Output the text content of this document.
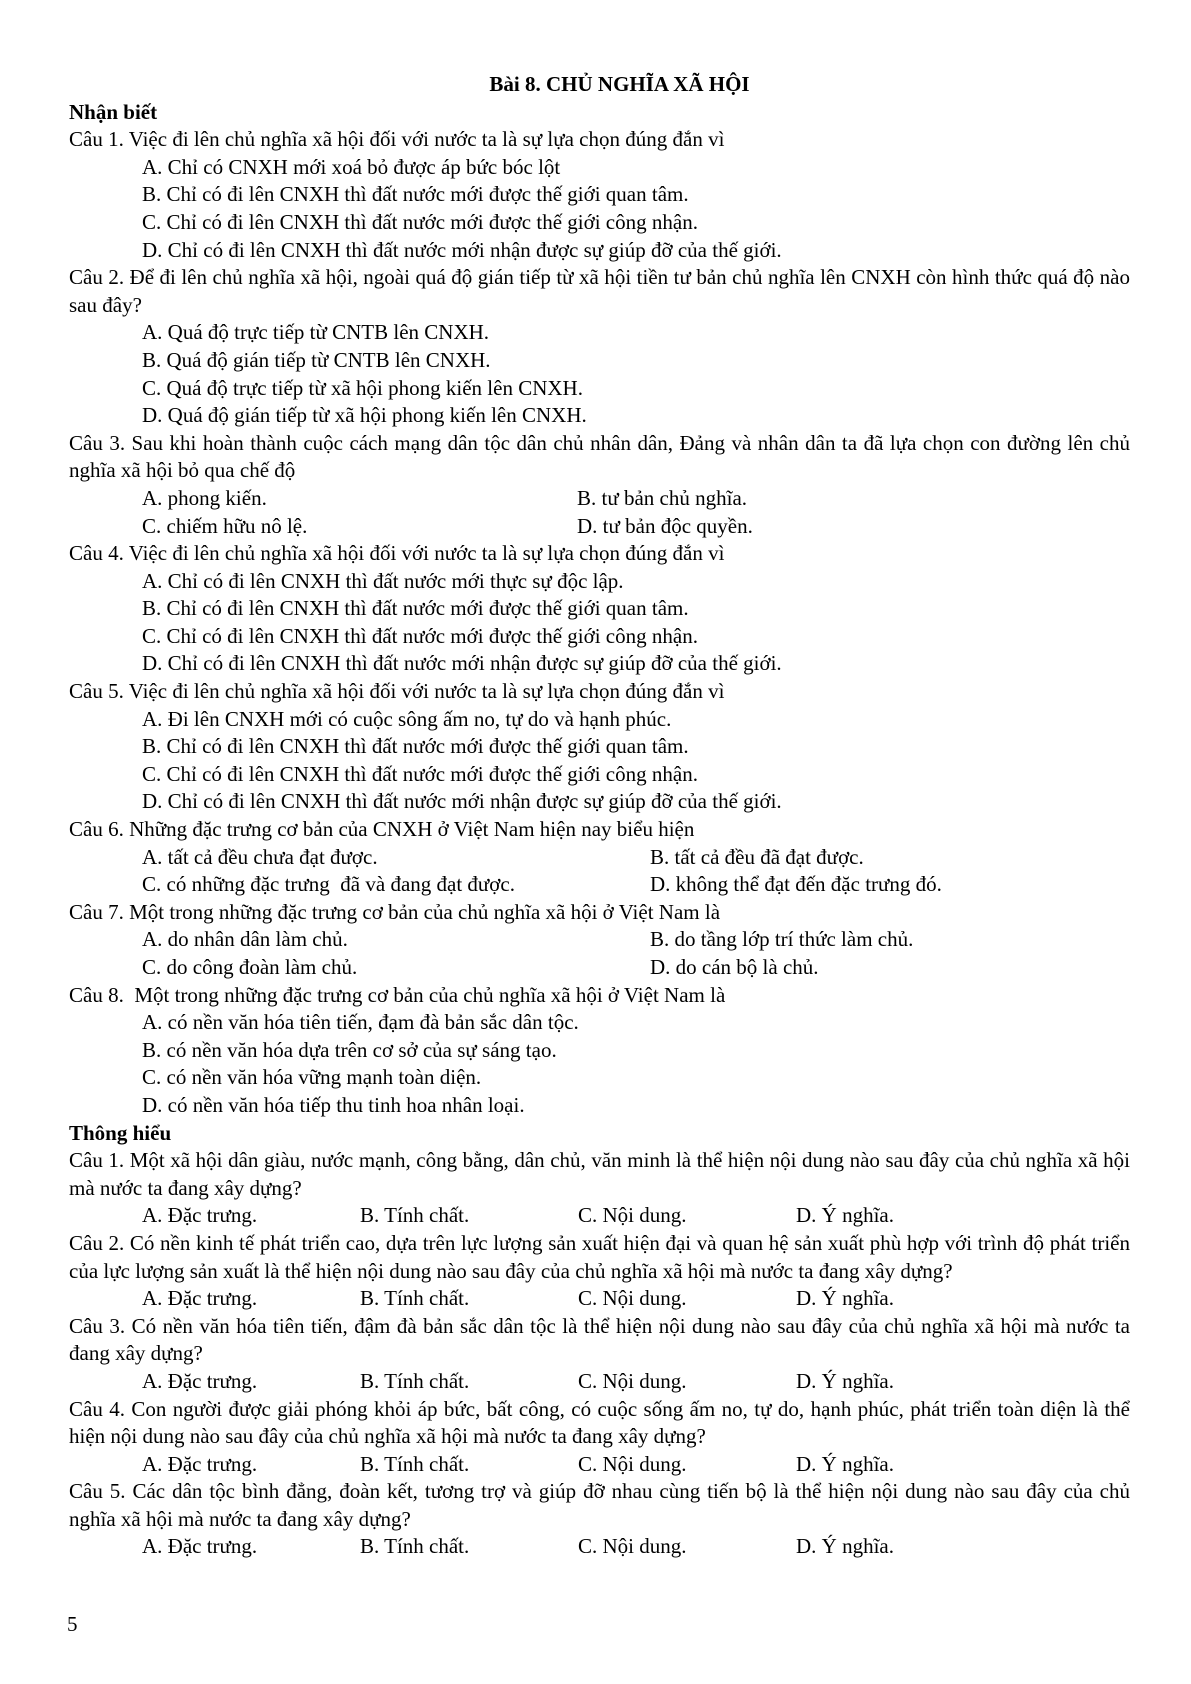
Bài 8. CHỦ NGHĨA XÃ HỘI
Nhận biết
Câu 1. Việc đi lên chủ nghĩa xã hội đối với nước ta là sự lựa chọn đúng đắn vì
A. Chỉ có CNXH mới xoá bỏ được áp bức bóc lột
B. Chỉ có đi lên CNXH thì đất nước mới được thế giới quan tâm.
C. Chỉ có đi lên CNXH thì đất nước mới được thế giới công nhận.
D. Chỉ có đi lên CNXH thì đất nước mới nhận được sự giúp đỡ của thế giới.
Câu 2. Để đi lên chủ nghĩa xã hội, ngoài quá độ gián tiếp từ xã hội tiền tư bản chủ nghĩa lên CNXH còn hình thức quá độ nào sau đây?
A. Quá độ trực tiếp từ CNTB lên CNXH.
B. Quá độ gián tiếp từ CNTB lên CNXH.
C. Quá độ trực tiếp từ xã hội phong kiến lên CNXH.
D. Quá độ gián tiếp từ xã hội phong kiến lên CNXH.
Câu 3. Sau khi hoàn thành cuộc cách mạng dân tộc dân chủ nhân dân, Đảng và nhân dân ta đã lựa chọn con đường lên chủ nghĩa xã hội bỏ qua chế độ
A. phong kiến.	B. tư bản chủ nghĩa.
C. chiếm hữu nô lệ.	D. tư bản độc quyền.
Câu 4. Việc đi lên chủ nghĩa xã hội đối với nước ta là sự lựa chọn đúng đắn vì
A. Chỉ có đi lên CNXH thì đất nước mới thực sự độc lập.
B. Chỉ có đi lên CNXH thì đất nước mới được thế giới quan tâm.
C. Chỉ có đi lên CNXH thì đất nước mới được thế giới công nhận.
D. Chỉ có đi lên CNXH thì đất nước mới nhận được sự giúp đỡ của thế giới.
Câu 5. Việc đi lên chủ nghĩa xã hội đối với nước ta là sự lựa chọn đúng đắn vì
A. Đi lên CNXH mới có cuộc sông ấm no, tự do và hạnh phúc.
B. Chỉ có đi lên CNXH thì đất nước mới được thế giới quan tâm.
C. Chỉ có đi lên CNXH thì đất nước mới được thế giới công nhận.
D. Chỉ có đi lên CNXH thì đất nước mới nhận được sự giúp đỡ của thế giới.
Câu 6. Những đặc trưng cơ bản của CNXH ở Việt Nam hiện nay biểu hiện
A. tất cả đều chưa đạt được.	B. tất cả đều đã đạt được.
C. có những đặc trưng  đã và đang đạt được.	D. không thể đạt đến đặc trưng đó.
Câu 7. Một trong những đặc trưng cơ bản của chủ nghĩa xã hội ở Việt Nam là
A. do nhân dân làm chủ.	B. do tầng lớp trí thức làm chủ.
C. do công đoàn làm chủ.	D. do cán bộ là chủ.
Câu 8.  Một trong những đặc trưng cơ bản của chủ nghĩa xã hội ở Việt Nam là
A. có nền văn hóa tiên tiến, đạm đà bản sắc dân tộc.
B. có nền văn hóa dựa trên cơ sở của sự sáng tạo.
C. có nền văn hóa vững mạnh toàn diện.
D. có nền văn hóa tiếp thu tinh hoa nhân loại.
Thông hiểu
Câu 1. Một xã hội dân giàu, nước mạnh, công bằng, dân chủ, văn minh là thể hiện nội dung nào sau đây của chủ nghĩa xã hội mà nước ta đang xây dựng?
A. Đặc trưng.	B. Tính chất.	C. Nội dung.	D. Ý nghĩa.
Câu 2. Có nền kinh tế phát triển cao, dựa trên lực lượng sản xuất hiện đại và quan hệ sản xuất phù hợp với trình độ phát triển của lực lượng sản xuất là thể hiện nội dung nào sau đây của chủ nghĩa xã hội mà nước ta đang xây dựng?
A. Đặc trưng.	B. Tính chất.	C. Nội dung.	D. Ý nghĩa.
Câu 3. Có nền văn hóa tiên tiến, đậm đà bản sắc dân tộc là thể hiện nội dung nào sau đây của chủ nghĩa xã hội mà nước ta đang xây dựng?
A. Đặc trưng.	B. Tính chất.	C. Nội dung.	D. Ý nghĩa.
Câu 4. Con người được giải phóng khỏi áp bức, bất công, có cuộc sống ấm no, tự do, hạnh phúc, phát triển toàn diện là thể hiện nội dung nào sau đây của chủ nghĩa xã hội mà nước ta đang xây dựng?
A. Đặc trưng.	B. Tính chất.	C. Nội dung.	D. Ý nghĩa.
Câu 5. Các dân tộc bình đẳng, đoàn kết, tương trợ và giúp đỡ nhau cùng tiến bộ là thể hiện nội dung nào sau đây của chủ nghĩa xã hội mà nước ta đang xây dựng?
A. Đặc trưng.	B. Tính chất.	C. Nội dung.	D. Ý nghĩa.
5
